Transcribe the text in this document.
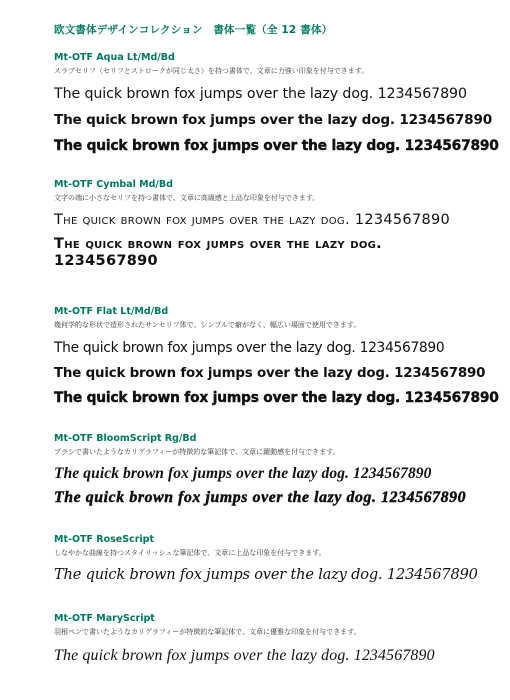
欧文書体デザインコレクション　書体一覧（全 12 書体）
Mt-OTF Aqua Lt/Md/Bd
スラブセリフ（セリフとストロークが同じ太さ）を持つ書体で、文章に力強い印象を付与できます。
The quick brown fox jumps over the lazy dog. 1234567890
The quick brown fox jumps over the lazy dog. 1234567890
The quick brown fox jumps over the lazy dog. 1234567890
Mt-OTF Cymbal Md/Bd
文字の端に小さなセリフを持つ書体で、文章に高級感と上品な印象を付与できます。
The quick brown fox jumps over the lazy dog. 1234567890
The quick brown fox jumps over the lazy dog. 1234567890
Mt-OTF Flat Lt/Md/Bd
幾何学的な形状で造形されたサンセリフ体で、シンプルで癖がなく、幅広い場面で使用できます。
The quick brown fox jumps over the lazy dog. 1234567890
The quick brown fox jumps over the lazy dog. 1234567890
The quick brown fox jumps over the lazy dog. 1234567890
Mt-OTF BloomScript Rg/Bd
ブラシで書いたようなカリグラフィーが特徴的な筆記体で、文章に躍動感を付与できます。
The quick brown fox jumps over the lazy dog. 1234567890
The quick brown fox jumps over the lazy dog. 1234567890
Mt-OTF RoseScript
しなやかな曲線を持つスタイリッシュな筆記体で、文章に上品な印象を付与できます。
The quick brown fox jumps over the lazy dog. 1234567890
Mt-OTF MaryScript
羽根ペンで書いたようなカリグラフィーが特徴的な筆記体で、文章に優雅な印象を付与できます。
The quick brown fox jumps over the lazy dog. 1234567890
